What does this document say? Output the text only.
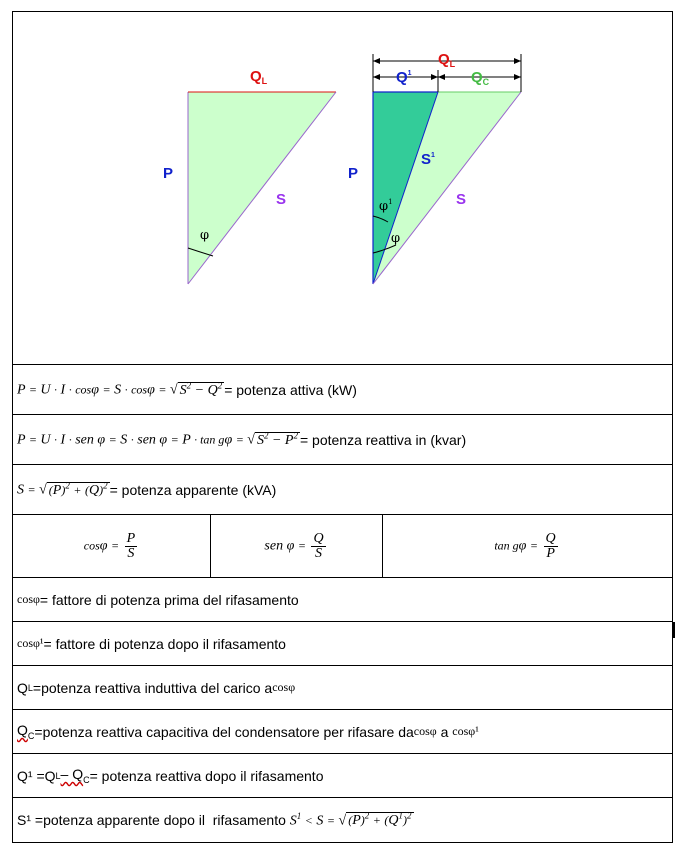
$Q_L$
P
S
φ
$Q_L$
$Q^1$	$Q_C$
P
$S^1$
S
$\varphi^1$
φ
P = U · I · cosφ = S · cosφ = √ $S^2 - Q^2$ = potenza attiva (kW)
P = U · I · sen φ = S · sen φ = P · tan gφ = √ $S^2 - P^2$ = potenza reattiva in (kvar)
S = √ $(P)^2 + (Q)^2$ = potenza apparente (kVA)
$\cos\varphi = \frac{P}{S}$	sen $\varphi = \frac{Q}{S}$	$\tan g\varphi = \frac{Q}{P}$
cosφ = fattore di potenza prima del rifasamento
cosφ¹ = fattore di potenza dopo il rifasamento
Q L =potenza reattiva induttiva del carico a cosφ
$Q_C$ =potenza reattiva capacitiva del condensatore per rifasare da cosφ a cosφ¹
Q¹ =Q L – $Q_C$ = potenza reattiva dopo il rifasamento
S¹ =potenza apparente dopo il  rifasamento $S^1 < S$ = √ $(P)^2 + (Q^1)^2$
